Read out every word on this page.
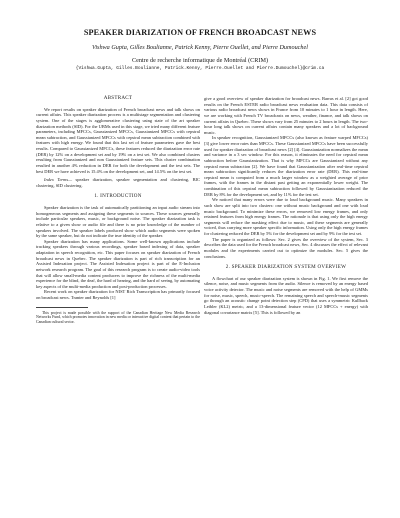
SPEAKER DIARIZATION OF FRENCH BROADCAST NEWS
Vishwa Gupta, Gilles Boulianne, Patrick Kenny, Pierre Ouellet, and Pierre Dumouchel
Centre de recherche informatique de Montréal (CRIM)
{Vishwa.Gupta, Gilles.Boulianne, Patrick.Kenny, Pierre.Ouellet and Pierre.Dumouchel}@crim.ca
ABSTRACT

We report results on speaker diarization of French broadcast news and talk shows on current affairs. This speaker diarization process is a multistage segmentation and clustering system. One of the stages is agglomerative clustering using state of the art speaker diarization methods (SID). For the UBMs used in this stage, we tried many different feature parameters, including MFCCs, Gaussianized MFCCs, Gaussianized MFCCs with cepstral mean subtraction, and Gaussianized MFCCs with cepstral mean subtraction combined with features with high energy. We found that this last set of feature parameters gave the best results. Compared to Gaussianized MFCCs, these features reduced the diarization error rate (DER) by 12% on a development set and by 19% on a test set. We also combined clusters resulting from Gaussianized and non Gaussianized feature sets. This cluster combination resulted in another 4% reduction in DER for both the development and the test sets. The best DER we have achieved is 15.4% on the development set, and 14.5% on the test set.

Index Terms— speaker diarization, speaker segmentation and clustering, BIC clustering, SID clustering.

1. INTRODUCTION

Speaker diarization is the task of automatically partitioning an input audio stream into homogeneous segments and assigning these segments to sources. These sources generally include particular speakers, music, or background noise. The speaker diarization task is relative to a given show or audio file and there is no prior knowledge of the number of speakers involved. The speaker labels produced show which audio segments were spoken by the same speaker, but do not indicate the true identity of the speaker.

Speaker diarization has many applications. Some well-known applications include tracking speakers through various recordings, speaker based indexing of data, speaker adaptation in speech recognition, etc. This paper focuses on speaker diarization of French broadcast news in Quebec. The speaker diarization is part of rich transcription for an Assisted Indexation project. The Assisted Indexation project is part of the E-Inclusion network research program. The goal of this research program is to create audio-video tools that will allow small-media content producers to improve the richness of the multi-media experience for the blind, the deaf, the hard of hearing, and the hard of seeing, by automating key aspects of the multi-media production and post-production processes.

Recent work on speaker diarization for NIST Rich Transcription has primarily focused on broadcast news. Tranter and Reynolds [1]

This project is made possible with the support of the Canadian Heritage New Media Research Networks Fund, which promotes innovation in new media or interactive digital content that pertain to the Canadian cultural sector.

give a good overview of speaker diarization for broadcast news. Barras et al. [2] got good results on the French ESTER radio broadcast news evaluation data. This data consists of various radio broadcast news shows in France from 10 minutes to 1 hour in length. Here, we are working with French TV broadcasts on news, weather, finance, and talk shows on current affairs in Quebec. These shows vary from 25 minutes to 2 hours in length. The two-hour long talk shows on current affairs contain many speakers and a lot of background music.

In speaker recognition, Gaussianized MFCCs (also known as feature warped MFCCs) [3] give lower error rates than MFCCs. These Gaussianized MFCCs have been successfully used for speaker diarization of broadcast news [2] [4]. Gaussianization normalizes the mean and variance in a 3 sec window. For this reason, it eliminates the need for cepstral mean subtraction before Gaussianization. That is why MFCCs are Gaussianized without any cepstral mean subtraction [2]. We have found that Gaussianization after real-time cepstral mean subtraction significantly reduces the diarization error rate (DER). This real-time cepstral mean is computed from a much larger window as a weighted average of prior frames, with the frames in the distant past getting an exponentially lower weight. The combination of this cepstral mean subtraction followed by Gaussianization reduced the DER by 8% for the development set, and by 11% for the test set.

We noticed that many errors were due to loud background music. Many speakers in such show are split into two clusters: one without music background and one with loud music background. To minimize these errors, we removed low energy frames, and only retained features from high energy frames. The rationale is that using only the high energy segments will reduce the masking effect due to music, and these segments are generally voiced, thus carrying more speaker specific information. Using only the high energy frames for clustering reduced the DER by 5% for the development set and by 9% for the test set.

The paper is organized as follows: Sec. 2 gives the overview of the system, Sec. 3 describes the data used for the French broadcast news, Sec. 4 discusses the effect of relevant modules and the experiments carried out to optimize the modules. Sec. 5 gives the conclusions.

2. SPEAKER DIARIZATION SYSTEM OVERVIEW

A flowchart of our speaker diarization system is shown in Fig. 1. We first remove the silence, noise, and music segments from the audio. Silence is removed by an energy based voice activity detector. The music and noise segments are removed with the help of GMMs for noise, music, speech, music-speech. The remaining speech and speech+music segments go through an acoustic change point detection step (CPD) that uses a symmetric Kullback Leibler (KL2) metric, and a 13-dimensional feature vector (12 MFCCs + energy) with diagonal covariance matrix [5]. This is followed by an
